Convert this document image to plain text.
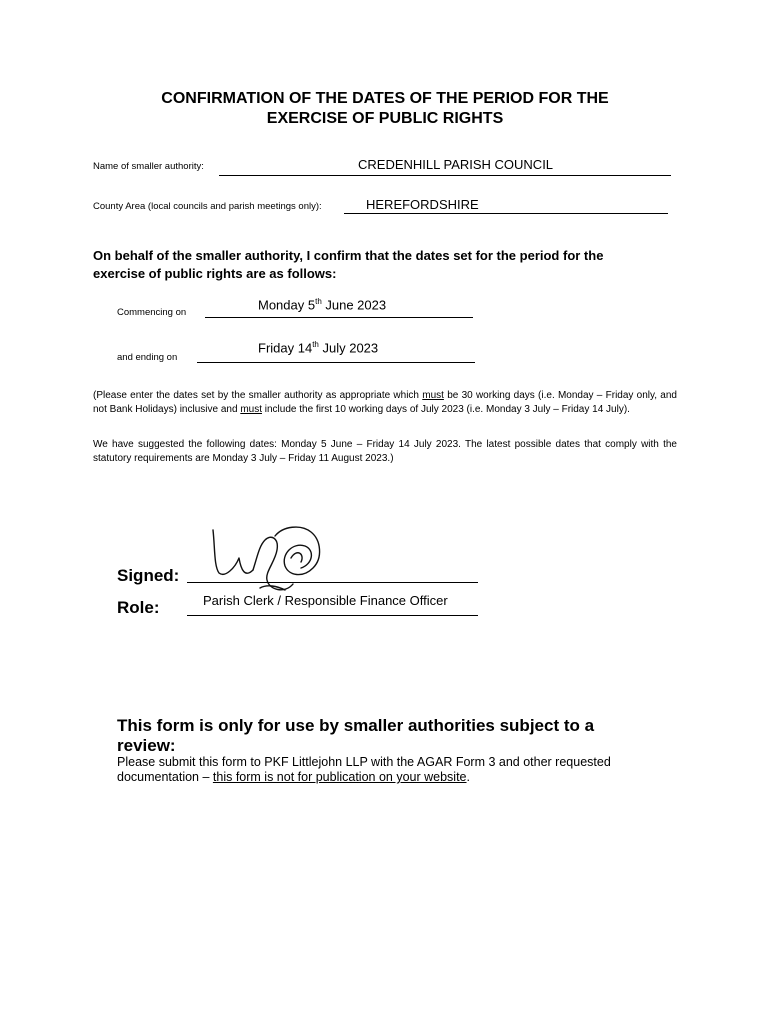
CONFIRMATION OF THE DATES OF THE PERIOD FOR THE
EXERCISE OF PUBLIC RIGHTS
Name of smaller authority:	CREDENHILL PARISH COUNCIL
County Area (local councils and parish meetings only):	HEREFORDSHIRE
On behalf of the smaller authority, I confirm that the dates set for the period for the
exercise of public rights are as follows:
Commencing on
Monday 5th June 2023
and ending on
Friday 14th July 2023
(Please enter the dates set by the smaller authority as appropriate which must be 30 working days (i.e. Monday – Friday only, and not Bank Holidays) inclusive and must include the first 10 working days of July 2023 (i.e. Monday 3 July – Friday 14 July).
We have suggested the following dates: Monday 5 June – Friday 14 July 2023. The latest possible dates that comply with the statutory requirements are Monday 3 July – Friday 11 August 2023.)
Signed:
Role:	Parish Clerk / Responsible Finance Officer
This form is only for use by smaller authorities subject to a
review:
Please submit this form to PKF Littlejohn LLP with the AGAR Form 3 and other requested
documentation – this form is not for publication on your website.
